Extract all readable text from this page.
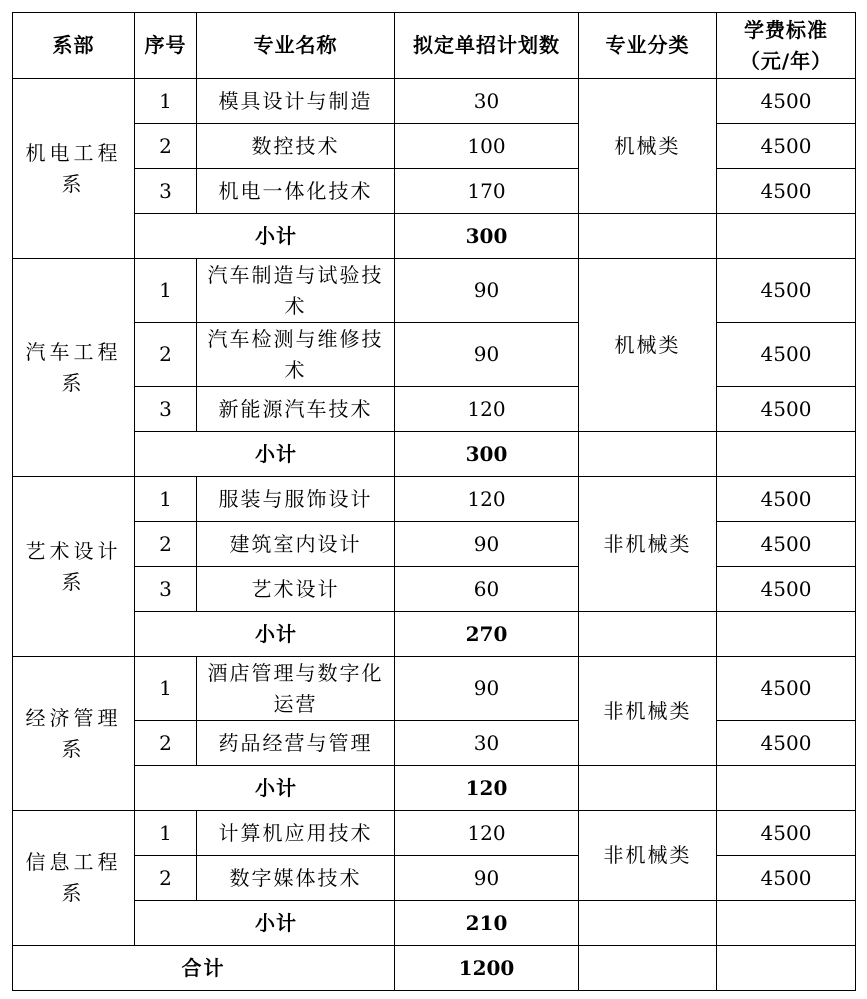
系部	序号	专业名称	拟定单招计划数	专业分类	学费标准（元/年）
机电工程系	1	模具设计与制造	30	机械类	4500
	2	数控技术	100		4500
	3	机电一体化技术	170		4500
	小计		300		
汽车工程系	1	汽车制造与试验技术	90	机械类	4500
	2	汽车检测与维修技术	90		4500
	3	新能源汽车技术	120		4500
	小计		300		
艺术设计系	1	服装与服饰设计	120	非机械类	4500
	2	建筑室内设计	90		4500
	3	艺术设计	60		4500
	小计		270		
经济管理系	1	酒店管理与数字化运营	90	非机械类	4500
	2	药品经营与管理	30		4500
	小计		120		
信息工程系	1	计算机应用技术	120	非机械类	4500
	2	数字媒体技术	90		4500
	小计		210		
合计			1200		
